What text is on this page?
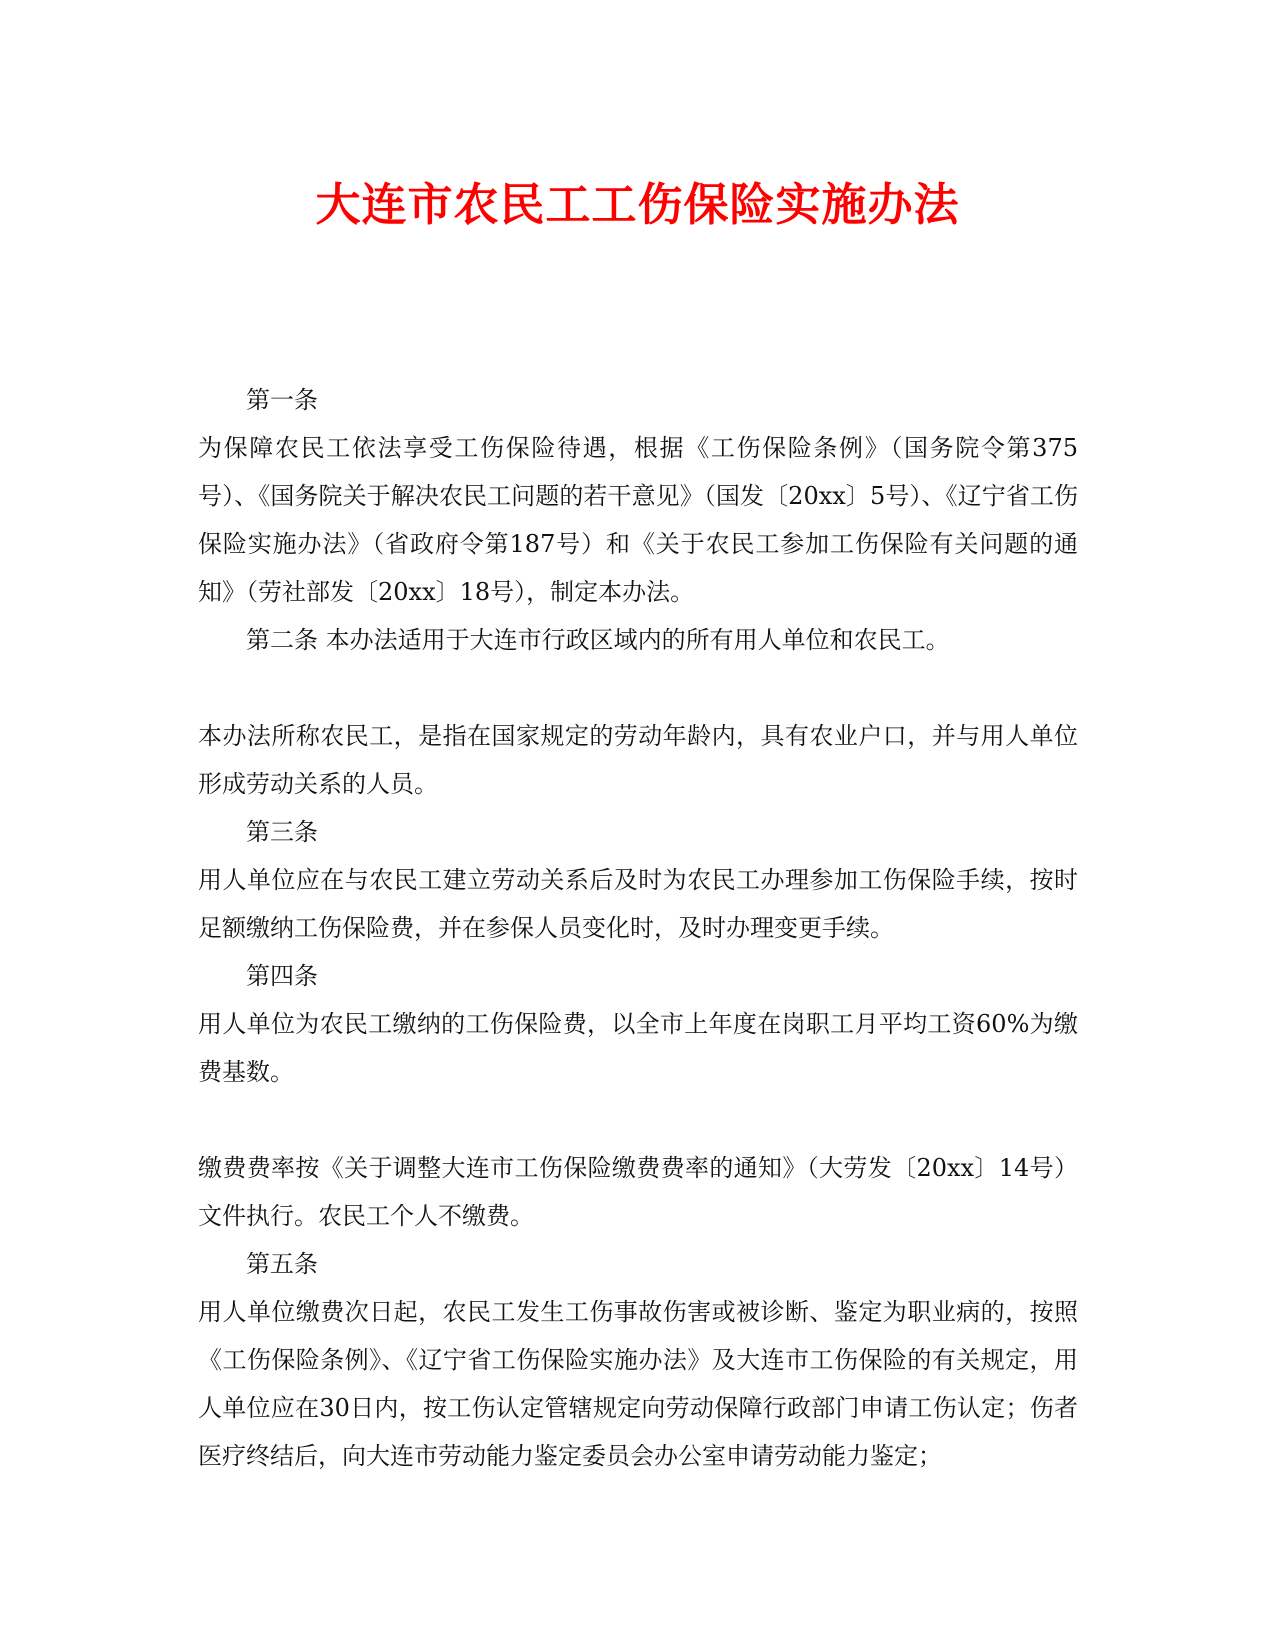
大连市农民工工伤保险实施办法

第一条

为保障农民工依法享受工伤保险待遇，根据《工伤保险条例》（国务院令第375号）、《国务院关于解决农民工问题的若干意见》（国发〔20xx〕5号）、《辽宁省工伤保险实施办法》（省政府令第187号）和《关于农民工参加工伤保险有关问题的通知》（劳社部发〔20xx〕18号），制定本办法。

第二条 本办法适用于大连市行政区域内的所有用人单位和农民工。

本办法所称农民工，是指在国家规定的劳动年龄内，具有农业户口，并与用人单位形成劳动关系的人员。

第三条

用人单位应在与农民工建立劳动关系后及时为农民工办理参加工伤保险手续，按时足额缴纳工伤保险费，并在参保人员变化时，及时办理变更手续。

第四条

用人单位为农民工缴纳的工伤保险费，以全市上年度在岗职工月平均工资60%为缴费基数。

缴费费率按《关于调整大连市工伤保险缴费费率的通知》（大劳发〔20xx〕14号）文件执行。农民工个人不缴费。

第五条

用人单位缴费次日起，农民工发生工伤事故伤害或被诊断、鉴定为职业病的，按照《工伤保险条例》、《辽宁省工伤保险实施办法》及大连市工伤保险的有关规定，用人单位应在30日内，按工伤认定管辖规定向劳动保障行政部门申请工伤认定；伤者医疗终结后，向大连市劳动能力鉴定委员会办公室申请劳动能力鉴定；
